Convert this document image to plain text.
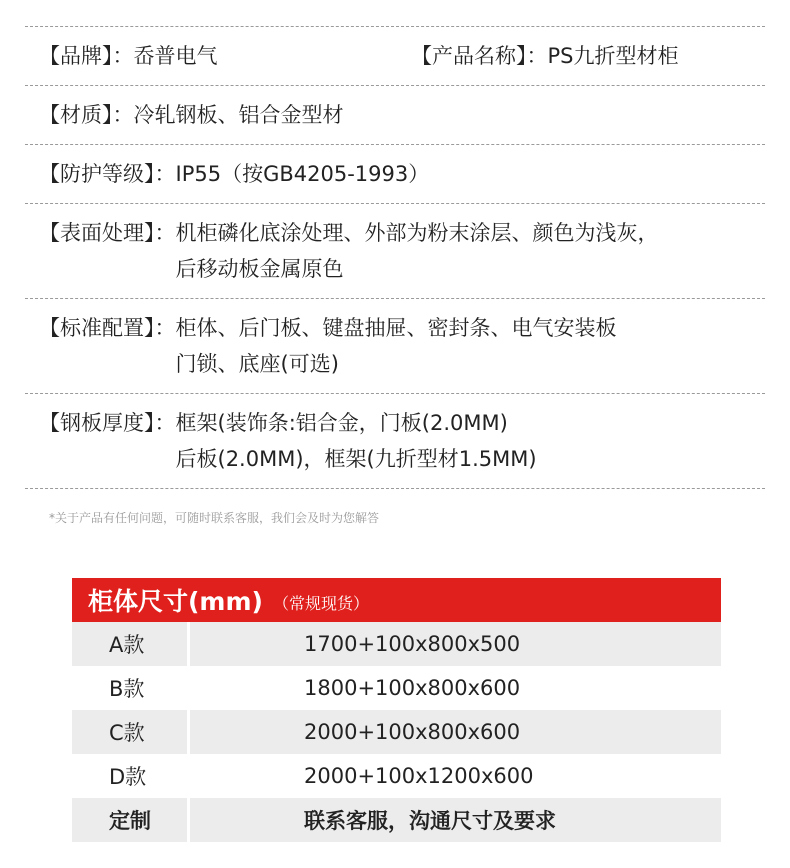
【品牌】： 岙普电气	【产品名称】： PS九折型材柜
【材质】： 冷轧钢板、铝合金型材
【防护等级】： IP55（按GB4205-1993）
【表面处理】： 机柜磷化底涂处理、外部为粉末涂层、颜色为浅灰，
后移动板金属原色
【标准配置】： 柜体、后门板、键盘抽屉、密封条、电气安装板
门锁、底座(可选)
【钢板厚度】： 框架(装饰条:铝合金，门板(2.0MM)
后板(2.0MM)，框架(九折型材1.5MM)
*关于产品有任何问题，可随时联系客服，我们会及时为您解答
柜体尺寸(mm) （常规现货）
A款	1700+100x800x500
B款	1800+100x800x600
C款	2000+100x800x600
D款	2000+100x1200x600
定制	联系客服，沟通尺寸及要求
